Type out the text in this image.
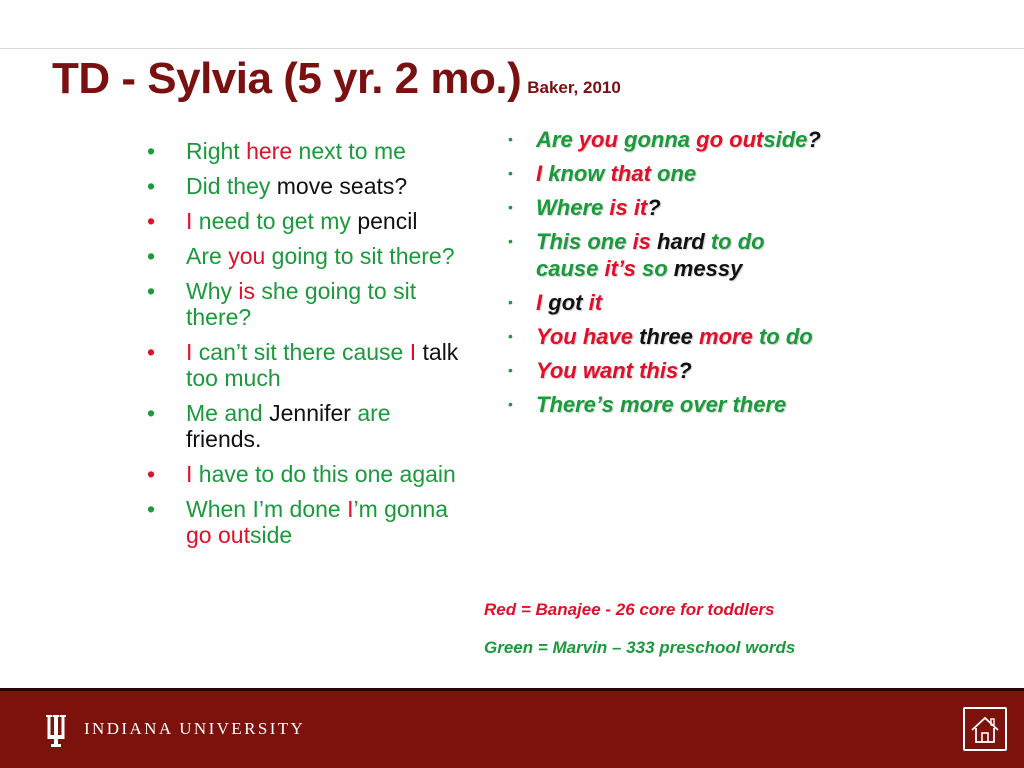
TD - Sylvia (5 yr. 2 mo.) Baker, 2010
• Right here next to me
• Did they move seats?
• I need to get my pencil
• Are you going to sit there?
• Why is she going to sit there?
• I can’t sit there cause I talk too much
• Me and Jennifer are friends.
• I have to do this one again
• When I’m done I’m gonna go outside
• Are you gonna go outside?
• I know that one
• Where is it?
• This one is hard to do cause it’s so messy
• I got it
• You have three more to do
• You want this?
• There’s more over there
Red = Banajee - 26 core for toddlers
Green = Marvin – 333 preschool words
INDIANA UNIVERSITY
